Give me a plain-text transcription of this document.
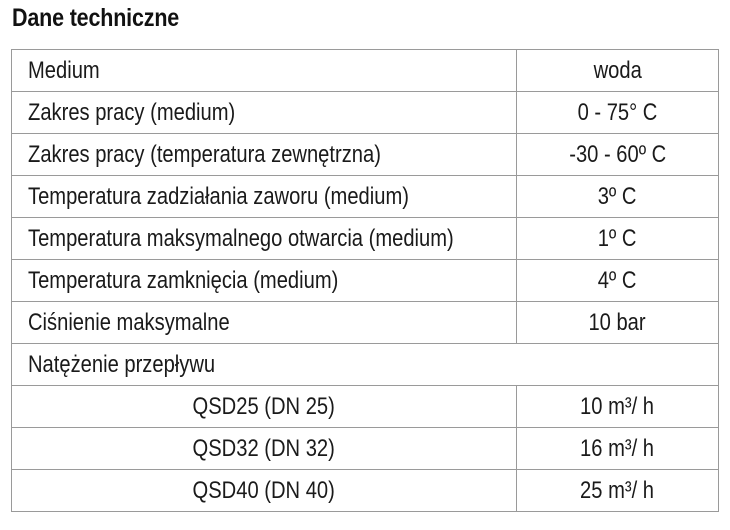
Dane techniczne
Medium	woda
Zakres pracy (medium)	0 - 75° C
Zakres pracy (temperatura zewnętrzna)	-30 - 60º C
Temperatura zadziałania zaworu (medium)	3º C
Temperatura maksymalnego otwarcia (medium)	1º C
Temperatura zamknięcia (medium)	4º C
Ciśnienie maksymalne	10 bar
Natężenie przepływu	
QSD25 (DN 25)	10 m³/ h
QSD32 (DN 32)	16 m³/ h
QSD40 (DN 40)	25 m³/ h
